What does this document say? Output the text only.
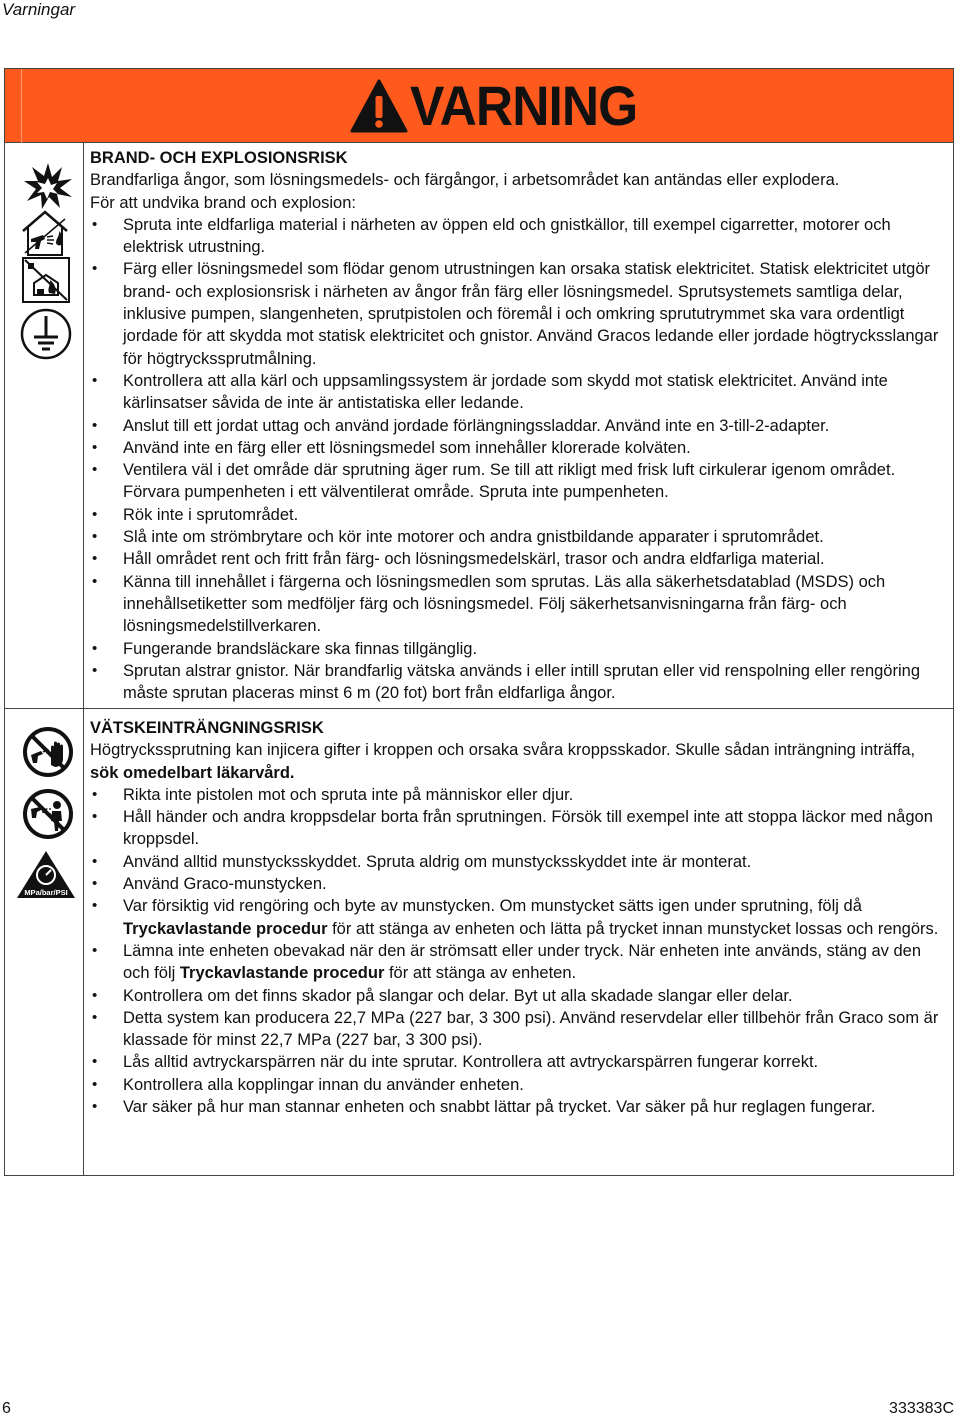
Varningar
VARNING
MPa/bar/PSI
BRAND- OCH EXPLOSIONSRISK

Brandfarliga ångor, som lösningsmedels- och färgångor, i arbetsområdet kan antändas eller explodera.

För att undvika brand och explosion:

• Spruta inte eldfarliga material i närheten av öppen eld och gnistkällor, till exempel cigarretter, motorer och elektrisk utrustning.
• Färg eller lösningsmedel som flödar genom utrustningen kan orsaka statisk elektricitet. Statisk elektricitet utgör brand- och explosionsrisk i närheten av ångor från färg eller lösningsmedel. Sprutsystemets samtliga delar, inklusive pumpen, slangenheten, sprutpistolen och föremål i och omkring sprututrymmet ska vara ordentligt jordade för att skydda mot statisk elektricitet och gnistor. Använd Gracos ledande eller jordade högtrycksslangar för högtryckssprutmålning.
• Kontrollera att alla kärl och uppsamlingssystem är jordade som skydd mot statisk elektricitet. Använd inte kärlinsatser såvida de inte är antistatiska eller ledande.
• Anslut till ett jordat uttag och använd jordade förlängningssladdar. Använd inte en 3-till-2-adapter.
• Använd inte en färg eller ett lösningsmedel som innehåller klorerade kolväten.
• Ventilera väl i det område där sprutning äger rum. Se till att rikligt med frisk luft cirkulerar igenom området. Förvara pumpenheten i ett välventilerat område. Spruta inte pumpenheten.
• Rök inte i sprutområdet.
• Slå inte om strömbrytare och kör inte motorer och andra gnistbildande apparater i sprutområdet.
• Håll området rent och fritt från färg- och lösningsmedelskärl, trasor och andra eldfarliga material.
• Känna till innehållet i färgerna och lösningsmedlen som sprutas. Läs alla säkerhetsdatablad (MSDS) och innehållsetiketter som medföljer färg och lösningsmedel. Följ säkerhetsanvisningarna från färg- och lösningsmedelstillverkaren.
• Fungerande brandsläckare ska finnas tillgänglig.
• Sprutan alstrar gnistor. När brandfarlig vätska används i eller intill sprutan eller vid renspolning eller rengöring måste sprutan placeras minst 6 m (20 fot) bort från eldfarliga ångor.
VÄTSKEINTRÄNGNINGSRISK

Högtryckssprutning kan injicera gifter i kroppen och orsaka svåra kroppsskador. Skulle sådan inträngning inträffa, sök omedelbart läkarvård.

• Rikta inte pistolen mot och spruta inte på människor eller djur.
• Håll händer och andra kroppsdelar borta från sprutningen. Försök till exempel inte att stoppa läckor med någon kroppsdel.
• Använd alltid munstycksskyddet. Spruta aldrig om munstycksskyddet inte är monterat.
• Använd Graco-munstycken.
• Var försiktig vid rengöring och byte av munstycken. Om munstycket sätts igen under sprutning, följ då Tryckavlastande procedur för att stänga av enheten och lätta på trycket innan munstycket lossas och rengörs.
• Lämna inte enheten obevakad när den är strömsatt eller under tryck. När enheten inte används, stäng av den och följ Tryckavlastande procedur för att stänga av enheten.
• Kontrollera om det finns skador på slangar och delar. Byt ut alla skadade slangar eller delar.
• Detta system kan producera 22,7 MPa (227 bar, 3 300 psi). Använd reservdelar eller tillbehör från Graco som är klassade för minst 22,7 MPa (227 bar, 3 300 psi).
• Lås alltid avtryckarspärren när du inte sprutar. Kontrollera att avtryckarspärren fungerar korrekt.
• Kontrollera alla kopplingar innan du använder enheten.
• Var säker på hur man stannar enheten och snabbt lättar på trycket. Var säker på hur reglagen fungerar.
6	333383C
